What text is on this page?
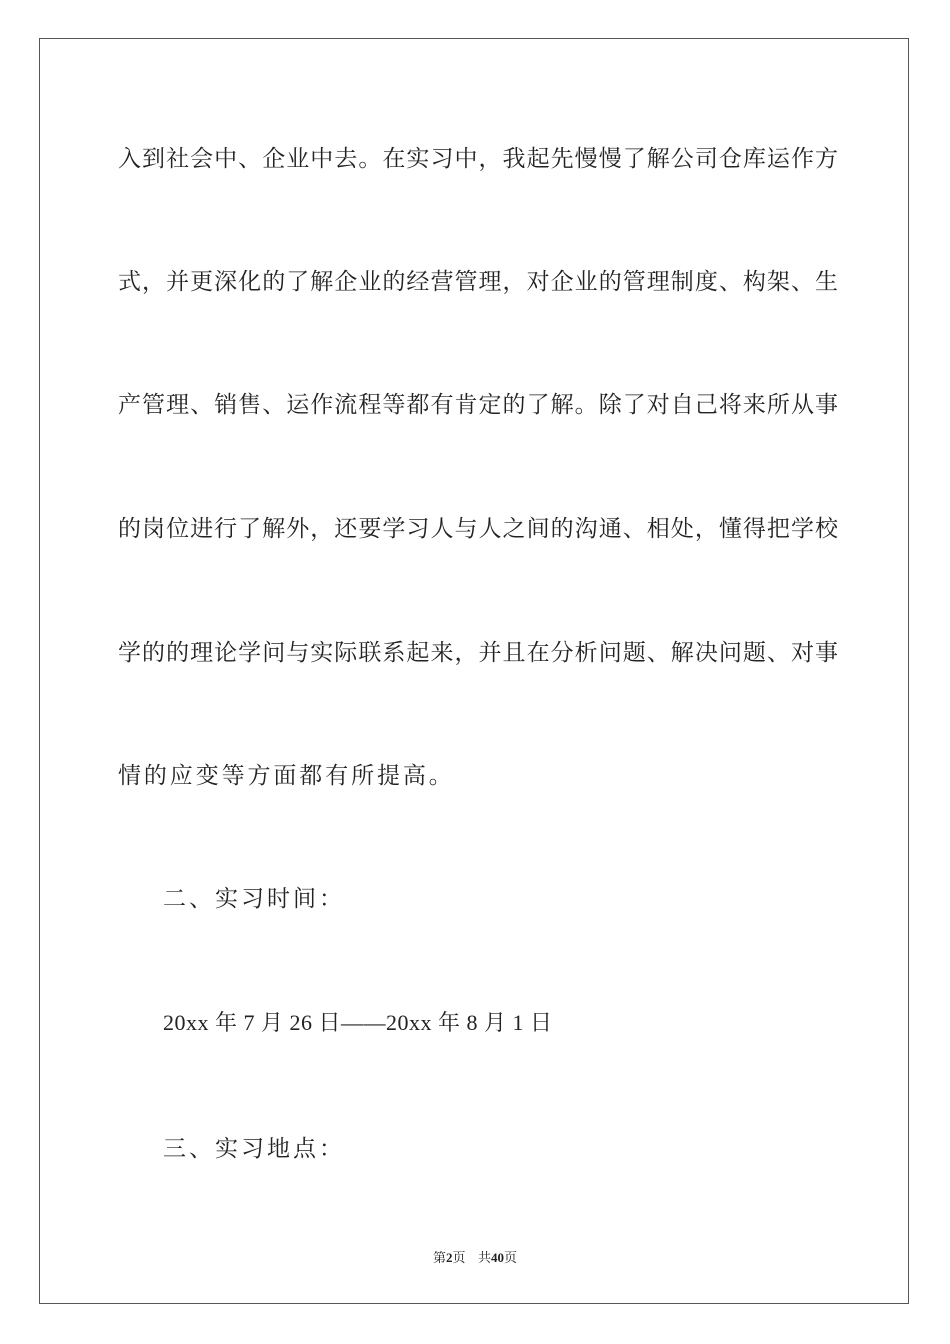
入到社会中、企业中去。在实习中，我起先慢慢了解公司仓库运作方
式，并更深化的了解企业的经营管理，对企业的管理制度、构架、生
产管理、销售、运作流程等都有肯定的了解。除了对自己将来所从事
的岗位进行了解外，还要学习人与人之间的沟通、相处，懂得把学校
学的的理论学问与实际联系起来，并且在分析问题、解决问题、对事
情的应变等方面都有所提高。
二、实习时间：
20xx 年 7 月 26 日——20xx 年 8 月 1 日
三、实习地点：
第2页 共40页
